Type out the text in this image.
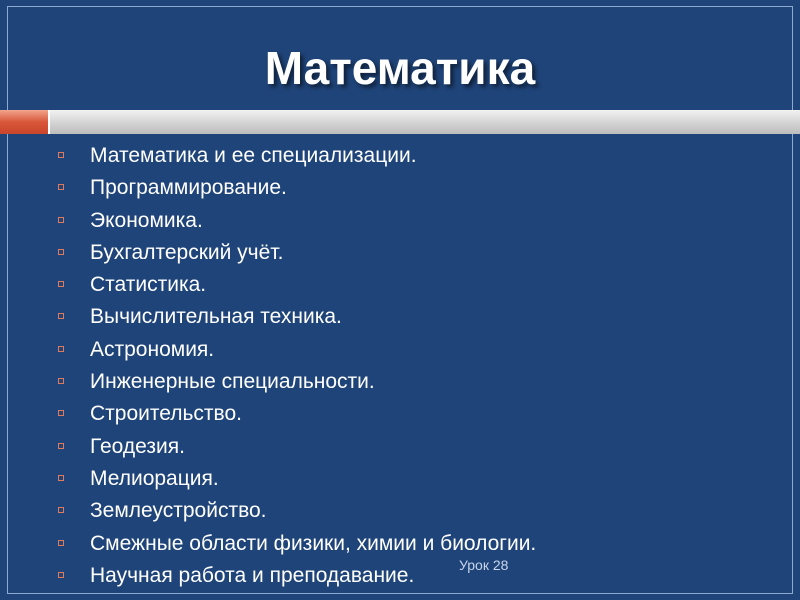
Математика
Математика и ее специализации.
Программирование.
Экономика.
Бухгалтерский учёт.
Статистика.
Вычислительная техника.
Астрономия.
Инженерные специальности.
Строительство.
Геодезия.
Мелиорация.
Землеустройство.
Смежные области физики, химии и биологии.
Научная работа и преподавание.	Урок 28
